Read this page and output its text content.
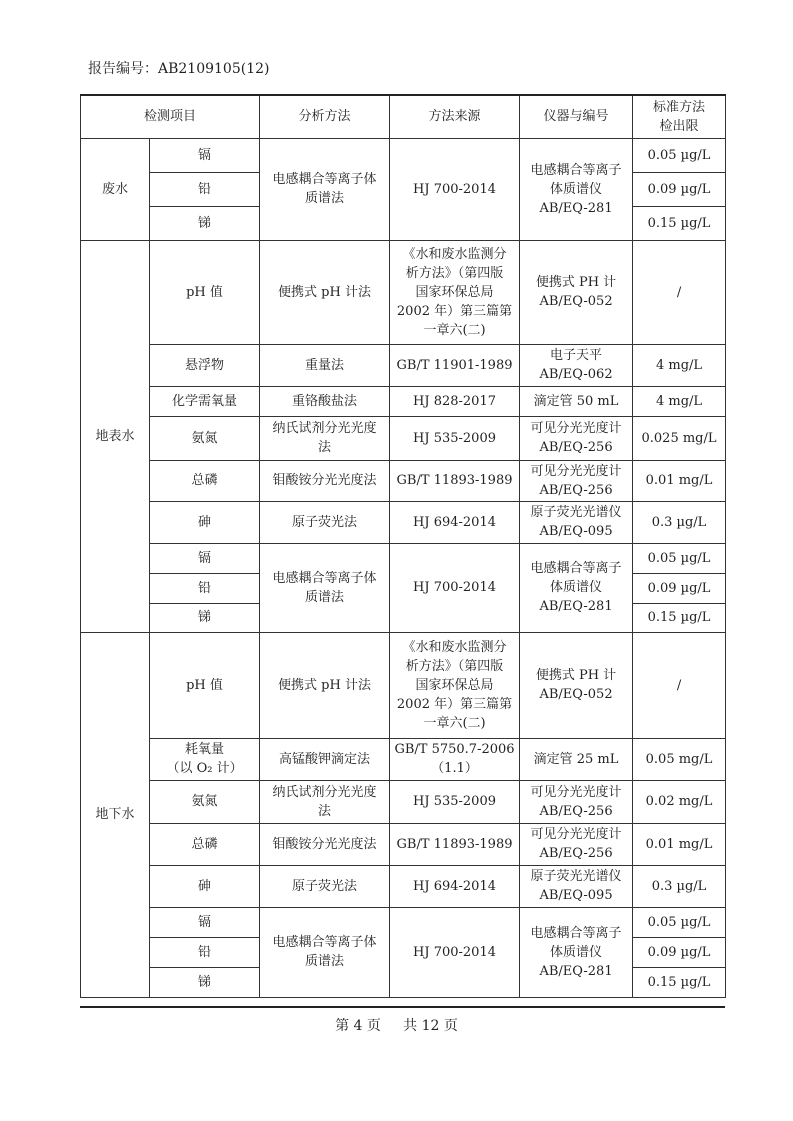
报告编号：AB2109105(12)
检测项目		分析方法	方法来源	仪器与编号	标准方法
检出限
废水	镉	电感耦合等离子体
质谱法	HJ 700-2014	电感耦合等离子
体质谱仪
AB/EQ-281	0.05 µg/L
	铅				0.09 µg/L
	锑				0.15 µg/L
地表水	pH 值	便携式 pH 计法	《水和废水监测分
析方法》（第四版
国家环保总局
2002 年）第三篇第
一章六(二)	便携式 PH 计
AB/EQ-052	/
	悬浮物	重量法	GB/T 11901-1989	电子天平
AB/EQ-062	4 mg/L
	化学需氧量	重铬酸盐法	HJ 828-2017	滴定管 50 mL	4 mg/L
	氨氮	纳氏试剂分光光度
法	HJ 535-2009	可见分光光度计
AB/EQ-256	0.025 mg/L
	总磷	钼酸铵分光光度法	GB/T 11893-1989	可见分光光度计
AB/EQ-256	0.01 mg/L
	砷	原子荧光法	HJ 694-2014	原子荧光光谱仪
AB/EQ-095	0.3 µg/L
	镉	电感耦合等离子体
质谱法	HJ 700-2014	电感耦合等离子
体质谱仪
AB/EQ-281	0.05 µg/L
	铅				0.09 µg/L
	锑				0.15 µg/L
地下水	pH 值	便携式 pH 计法	《水和废水监测分
析方法》（第四版
国家环保总局
2002 年）第三篇第
一章六(二)	便携式 PH 计
AB/EQ-052	/
	耗氧量
（以 O₂ 计）	高锰酸钾滴定法	GB/T 5750.7-2006
（1.1）	滴定管 25 mL	0.05 mg/L
	氨氮	纳氏试剂分光光度
法	HJ 535-2009	可见分光光度计
AB/EQ-256	0.02 mg/L
	总磷	钼酸铵分光光度法	GB/T 11893-1989	可见分光光度计
AB/EQ-256	0.01 mg/L
	砷	原子荧光法	HJ 694-2014	原子荧光光谱仪
AB/EQ-095	0.3 µg/L
	镉	电感耦合等离子体
质谱法	HJ 700-2014	电感耦合等离子
体质谱仪
AB/EQ-281	0.05 µg/L
	铅				0.09 µg/L
	锑				0.15 µg/L
第 4 页 共 12 页
